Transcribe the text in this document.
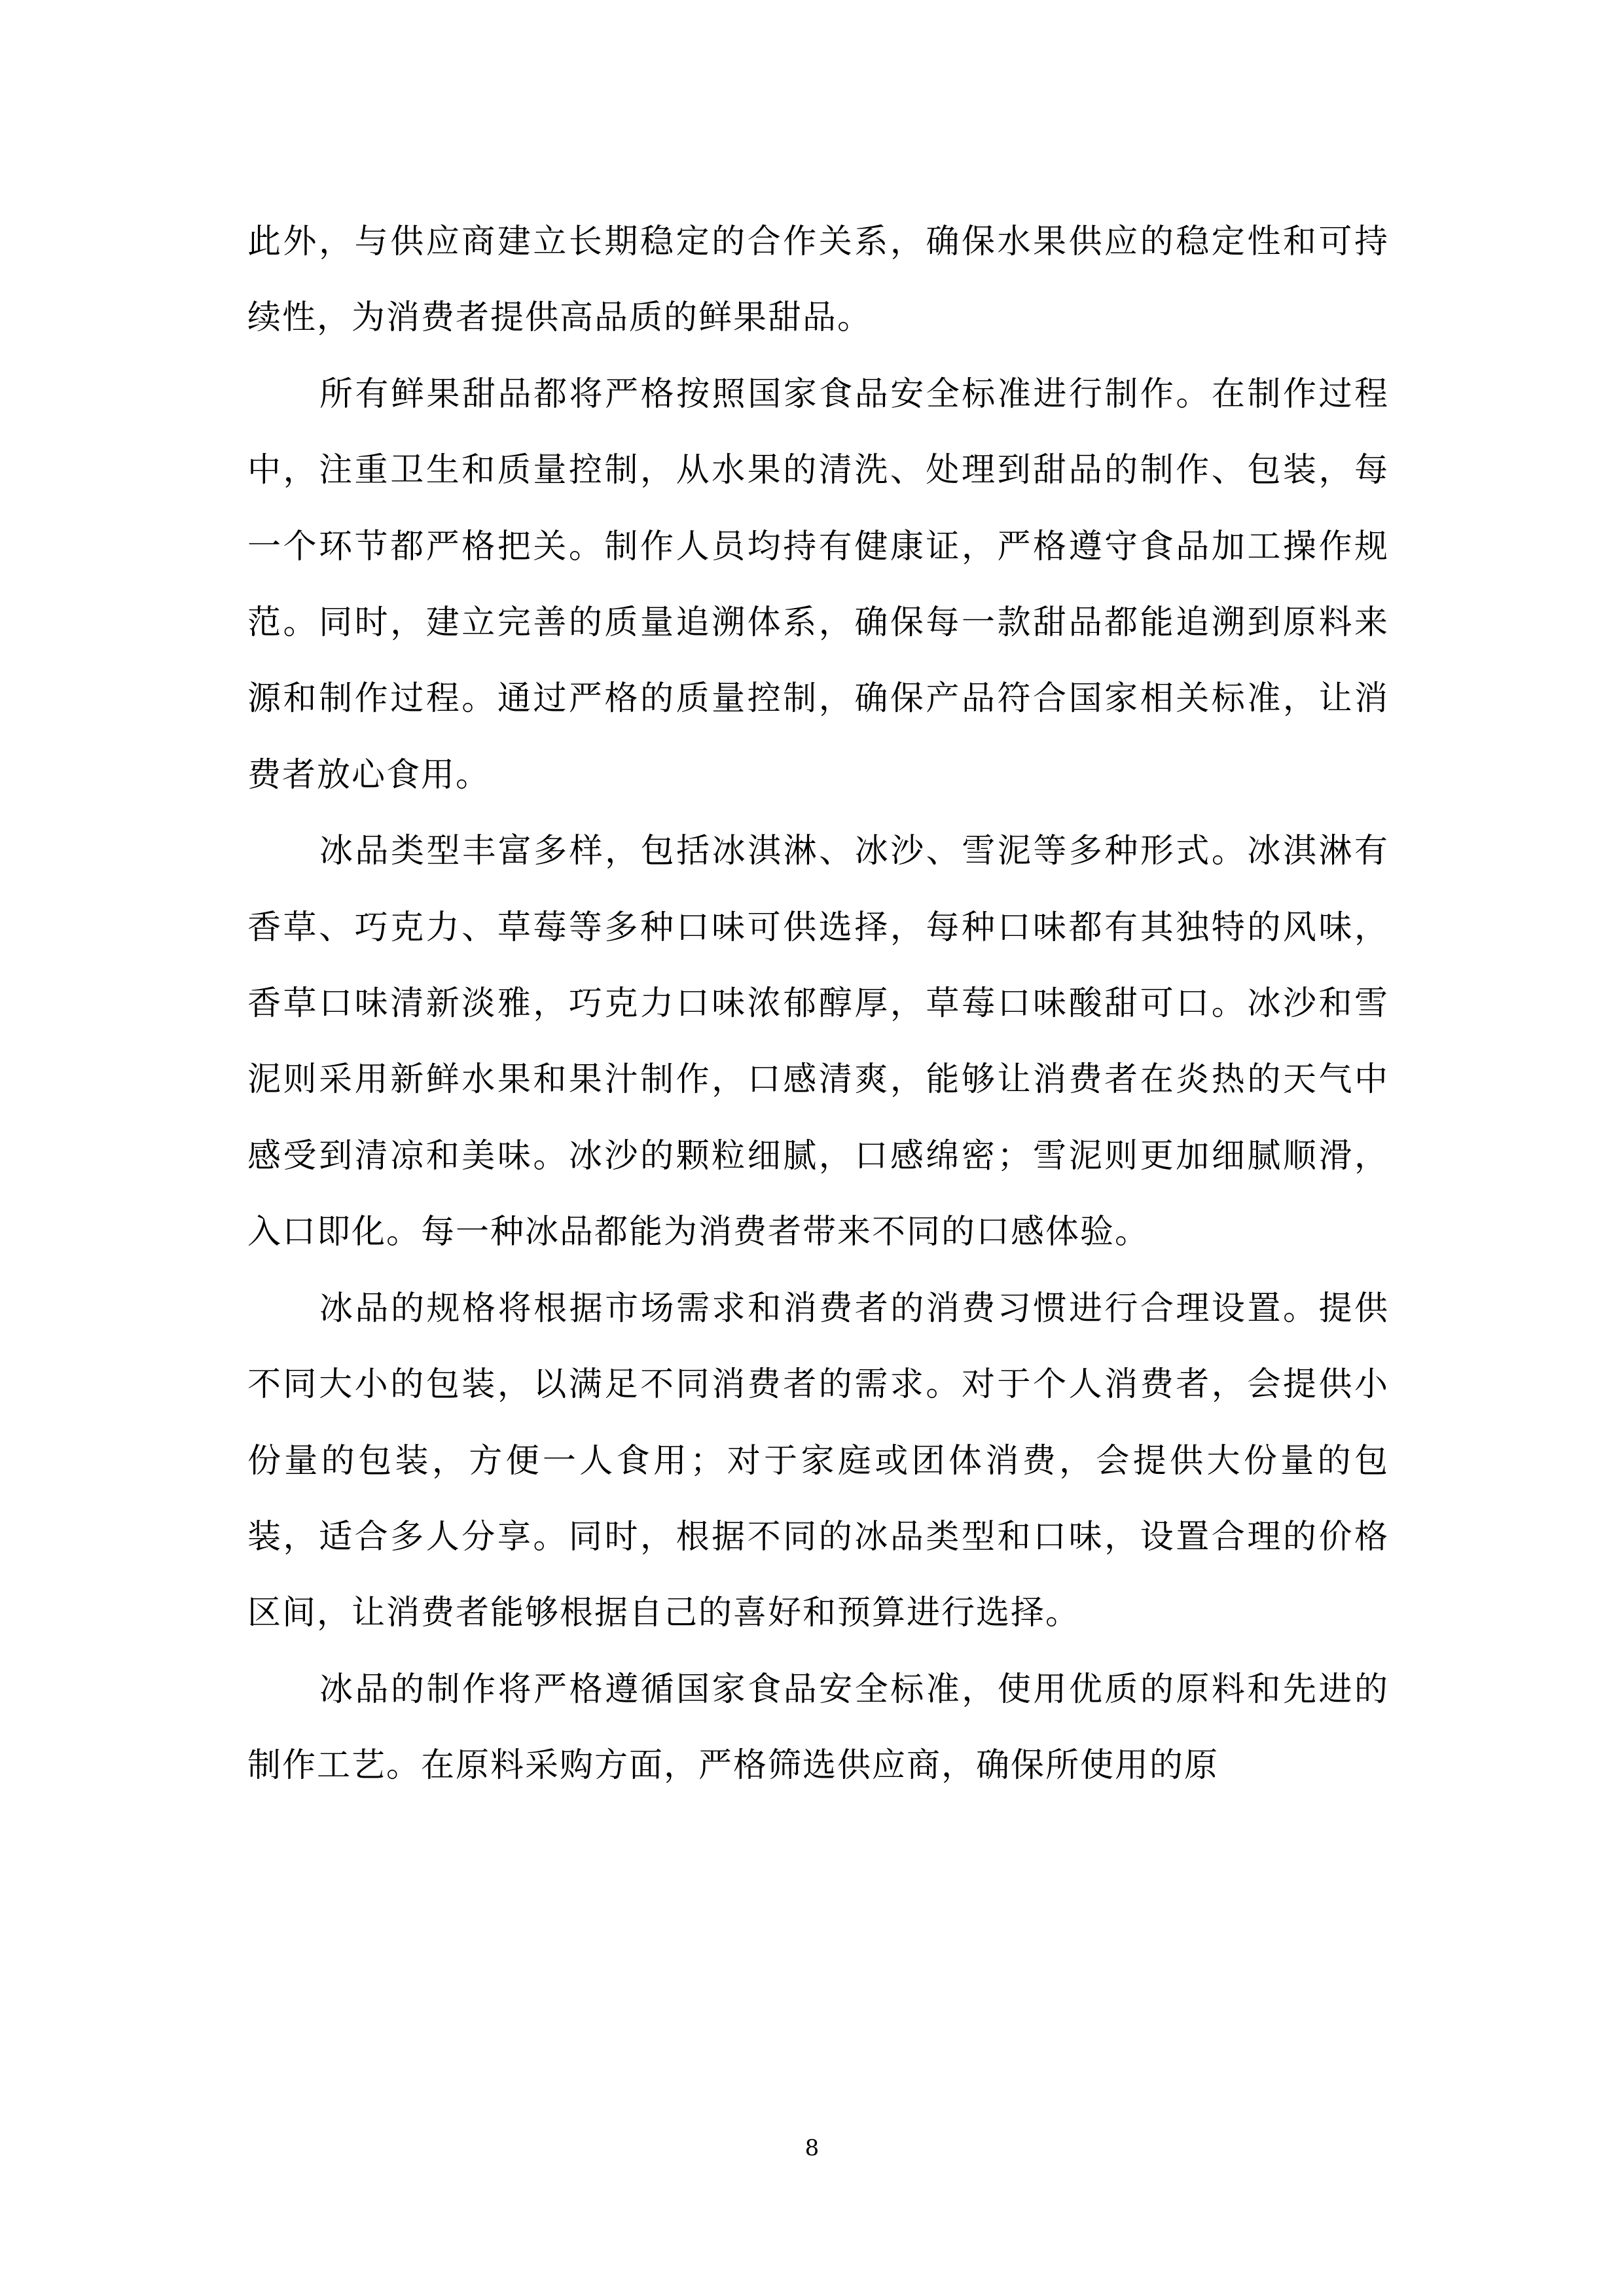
此外，与供应商建立长期稳定的合作关系，确保水果供应的稳定性和可持续性，为消费者提供高品质的鲜果甜品。

所有鲜果甜品都将严格按照国家食品安全标准进行制作。在制作过程中，注重卫生和质量控制，从水果的清洗、处理到甜品的制作、包装，每一个环节都严格把关。制作人员均持有健康证，严格遵守食品加工操作规范。同时，建立完善的质量追溯体系，确保每一款甜品都能追溯到原料来源和制作过程。通过严格的质量控制，确保产品符合国家相关标准，让消费者放心食用。

冰品类型丰富多样，包括冰淇淋、冰沙、雪泥等多种形式。冰淇淋有香草、巧克力、草莓等多种口味可供选择，每种口味都有其独特的风味，香草口味清新淡雅，巧克力口味浓郁醇厚，草莓口味酸甜可口。冰沙和雪泥则采用新鲜水果和果汁制作，口感清爽，能够让消费者在炎热的天气中感受到清凉和美味。冰沙的颗粒细腻，口感绵密；雪泥则更加细腻顺滑，入口即化。每一种冰品都能为消费者带来不同的口感体验。

冰品的规格将根据市场需求和消费者的消费习惯进行合理设置。提供不同大小的包装，以满足不同消费者的需求。对于个人消费者，会提供小份量的包装，方便一人食用；对于家庭或团体消费，会提供大份量的包装，适合多人分享。同时，根据不同的冰品类型和口味，设置合理的价格区间，让消费者能够根据自己的喜好和预算进行选择。

冰品的制作将严格遵循国家食品安全标准，使用优质的原料和先进的制作工艺。在原料采购方面，严格筛选供应商，确保所使用的原

8
